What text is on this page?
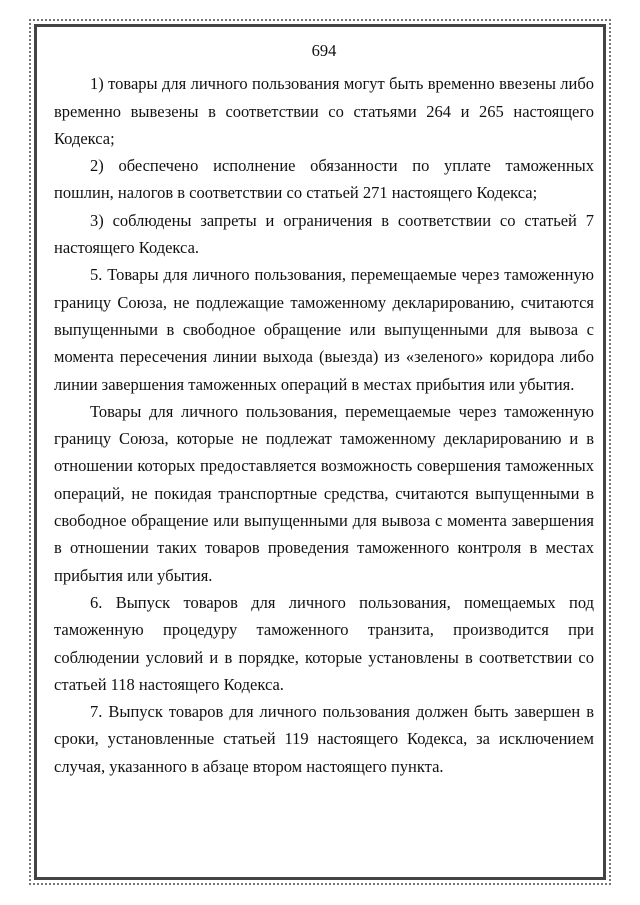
694

1) товары для личного пользования могут быть временно ввезены либо временно вывезены в соответствии со статьями 264 и 265 настоящего Кодекса;

2) обеспечено исполнение обязанности по уплате таможенных пошлин, налогов в соответствии со статьей 271 настоящего Кодекса;

3) соблюдены запреты и ограничения в соответствии со статьей 7 настоящего Кодекса.

5. Товары для личного пользования, перемещаемые через таможенную границу Союза, не подлежащие таможенному декларированию, считаются выпущенными в свободное обращение или выпущенными для вывоза с момента пересечения линии выхода (выезда) из «зеленого» коридора либо линии завершения таможенных операций в местах прибытия или убытия.

Товары для личного пользования, перемещаемые через таможенную границу Союза, которые не подлежат таможенному декларированию и в отношении которых предоставляется возможность совершения таможенных операций, не покидая транспортные средства, считаются выпущенными в свободное обращение или выпущенными для вывоза с момента завершения в отношении таких товаров проведения таможенного контроля в местах прибытия или убытия.

6. Выпуск товаров для личного пользования, помещаемых под таможенную процедуру таможенного транзита, производится при соблюдении условий и в порядке, которые установлены в соответствии со статьей 118 настоящего Кодекса.

7. Выпуск товаров для личного пользования должен быть завершен в сроки, установленные статьей 119 настоящего Кодекса, за исключением случая, указанного в абзаце втором настоящего пункта.
